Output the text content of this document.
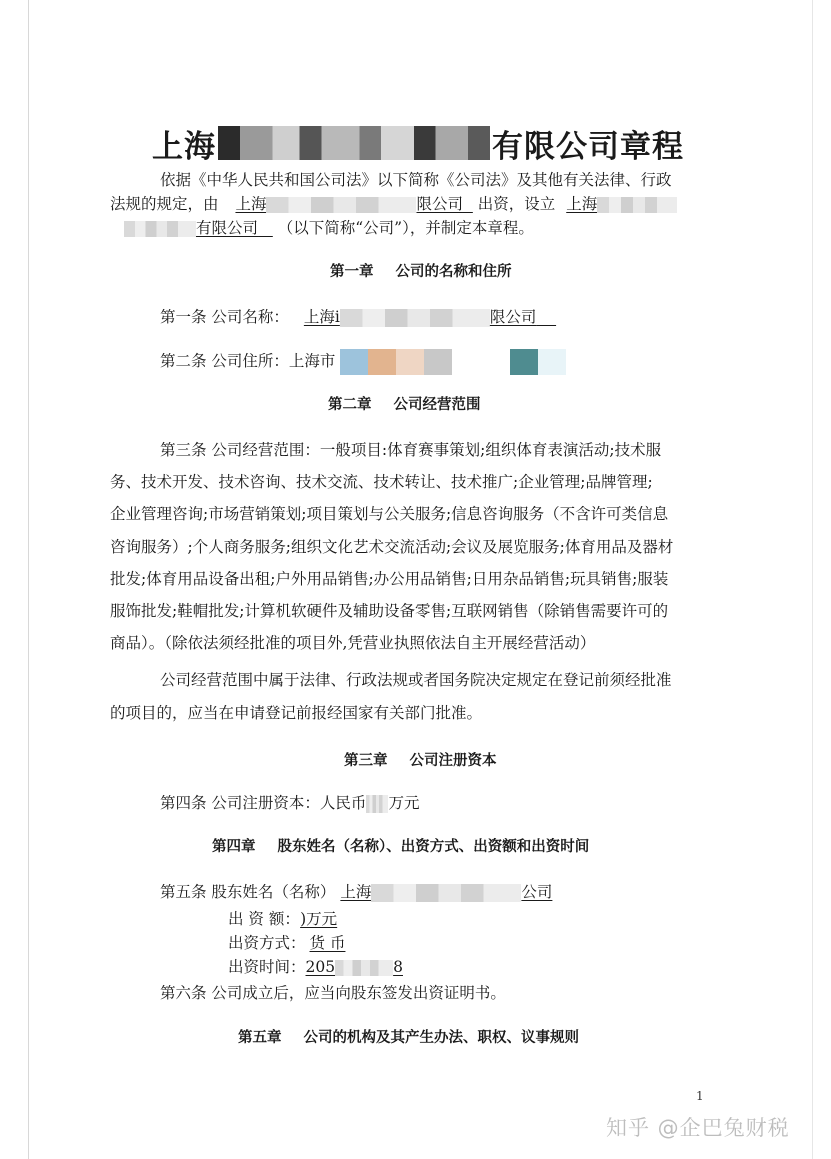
上海	有限公司章程
依据《中华人民共和国公司法》以下简称《公司法》及其他有关法律、行政
法规的规定，由 上海	限公司 出资，设立 上海
有限公司 （以下简称“公司”），并制定本章程。
第一章 公司的名称和住所
第一条 公司名称： 上海i	限公司
第二条 公司住所：上海市
第二章 公司经营范围
第三条 公司经营范围：一般项目:体育赛事策划;组织体育表演活动;技术服
务、技术开发、技术咨询、技术交流、技术转让、技术推广;企业管理;品牌管理;
企业管理咨询;市场营销策划;项目策划与公关服务;信息咨询服务（不含许可类信息
咨询服务）;个人商务服务;组织文化艺术交流活动;会议及展览服务;体育用品及器材
批发;体育用品设备出租;户外用品销售;办公用品销售;日用杂品销售;玩具销售;服装
服饰批发;鞋帽批发;计算机软硬件及辅助设备零售;互联网销售（除销售需要许可的
商品）。（除依法须经批准的项目外,凭营业执照依法自主开展经营活动）
公司经营范围中属于法律、行政法规或者国务院决定规定在登记前须经批准
的项目的，应当在申请登记前报经国家有关部门批准。
第三章 公司注册资本
第四条 公司注册资本：人民币 万元
第四章 股东姓名（名称）、出资方式、出资额和出资时间
第五条 股东姓名（名称） 上海	公司
出 资 额： )万元
出资方式： 货 币
出资时间：205	8
第六条 公司成立后，应当向股东签发出资证明书。
第五章 公司的机构及其产生办法、职权、议事规则
1
知乎 @企巴兔财税
